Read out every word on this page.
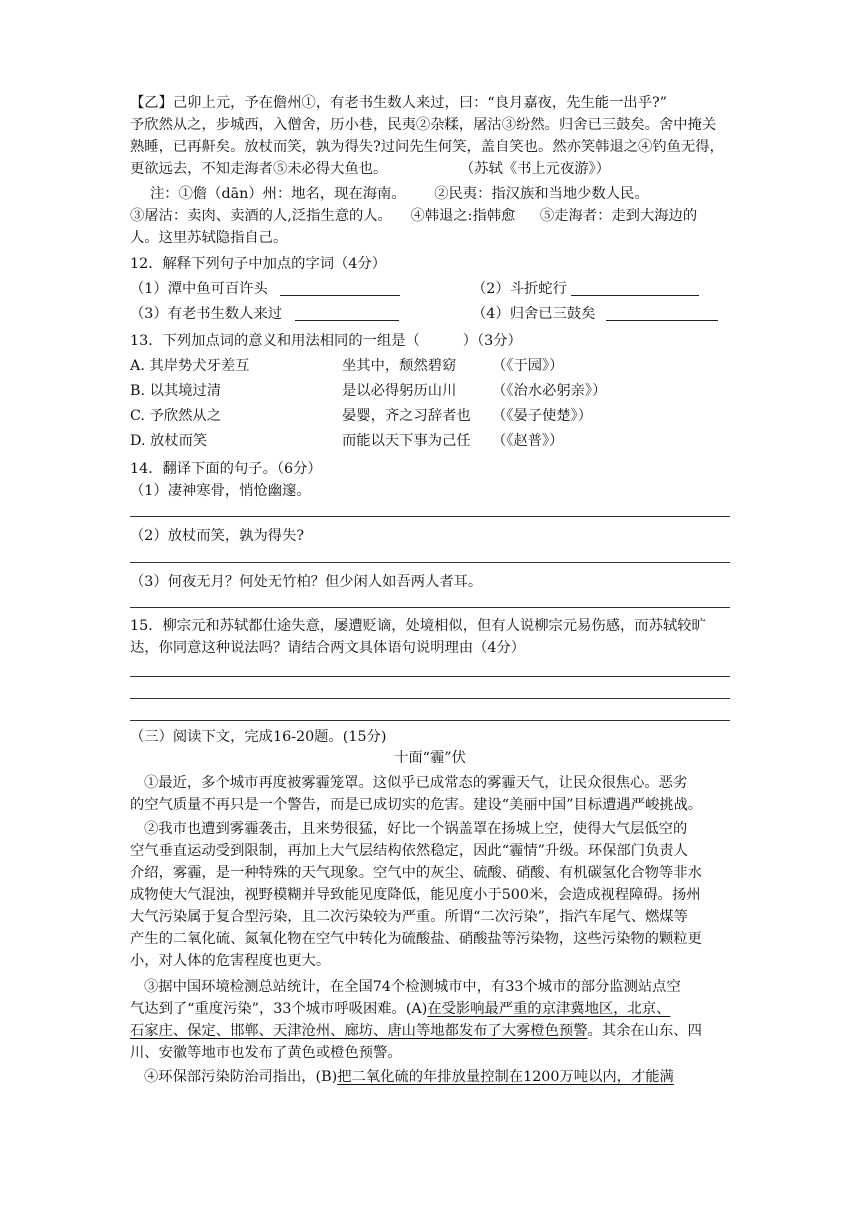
【乙】己卯上元，予在儋州①，有老书生数人来过，曰：“良月嘉夜，先生能一出乎?”
予欣然从之，步城西，入僧舍，历小巷，民夷②杂糅，屠沽③纷然。归舍已三鼓矣。舍中掩关
熟睡，已再鼾矣。放杖而笑，孰为得失?过问先生何笑，盖自笑也。然亦笑韩退之④钓鱼无得，
更欲远去，不知走海者⑤未必得大鱼也。	（苏轼《书上元夜游》）
注：①儋（dān）州：地名，现在海南。 ②民夷：指汉族和当地少数人民。
③屠沽：卖肉、卖酒的人,泛指生意的人。 ④韩退之:指韩愈 ⑤走海者：走到大海边的
人。这里苏轼隐指自己。
12．解释下列句子中加点的字词（4分）
（1）潭中鱼可百许头	（2）斗折蛇行
（3）有老书生数人来过	（4）归舍已三鼓矣
13．下列加点词的意义和用法相同的一组是（　　　）（3分）
A. 其岸势犬牙差互	坐其中，颓然碧窈 （《于园》）
B. 以其境过清	是以必得躬历山川 （《治水必躬亲》）
C. 予欣然从之	晏婴，齐之习辞者也 （《晏子使楚》）
D. 放杖而笑	而能以天下事为己任 （《赵普》）
14．翻译下面的句子。（6分）
（1）凄神寒骨，悄怆幽邃。
（2）放杖而笑，孰为得失?
（3）何夜无月？何处无竹柏？但少闲人如吾两人者耳。
15．柳宗元和苏轼都仕途失意，屡遭贬谪，处境相似，但有人说柳宗元易伤感，而苏轼较旷
达，你同意这种说法吗？请结合两文具体语句说明理由（4分）
（三）阅读下文，完成16-20题。(15分)
十面“霾”伏
①最近，多个城市再度被雾霾笼罩。这似乎已成常态的雾霾天气，让民众很焦心。恶劣
的空气质量不再只是一个警告，而是已成切实的危害。建设“美丽中国”目标遭遇严峻挑战。
②我市也遭到雾霾袭击，且来势很猛，好比一个锅盖罩在扬城上空，使得大气层低空的
空气垂直运动受到限制，再加上大气层结构依然稳定，因此“霾情”升级。环保部门负责人
介绍，雾霾，是一种特殊的天气现象。空气中的灰尘、硫酸、硝酸、有机碳氢化合物等非水
成物使大气混浊，视野模糊并导致能见度降低，能见度小于500米，会造成视程障碍。扬州
大气污染属于复合型污染，且二次污染较为严重。所谓“二次污染”，指汽车尾气、燃煤等
产生的二氧化硫、氮氧化物在空气中转化为硫酸盐、硝酸盐等污染物，这些污染物的颗粒更
小，对人体的危害程度也更大。
③据中国环境检测总站统计，在全国74个检测城市中，有33个城市的部分监测站点空
气达到了“重度污染”，33个城市呼吸困难。(A)在受影响最严重的京津冀地区，北京、
石家庄、保定、邯郸、天津沧州、廊坊、唐山等地都发布了大雾橙色预警。其余在山东、四
川、安徽等地市也发布了黄色或橙色预警。
④环保部污染防治司指出，(B)把二氧化硫的年排放量控制在1200万吨以内，才能满
